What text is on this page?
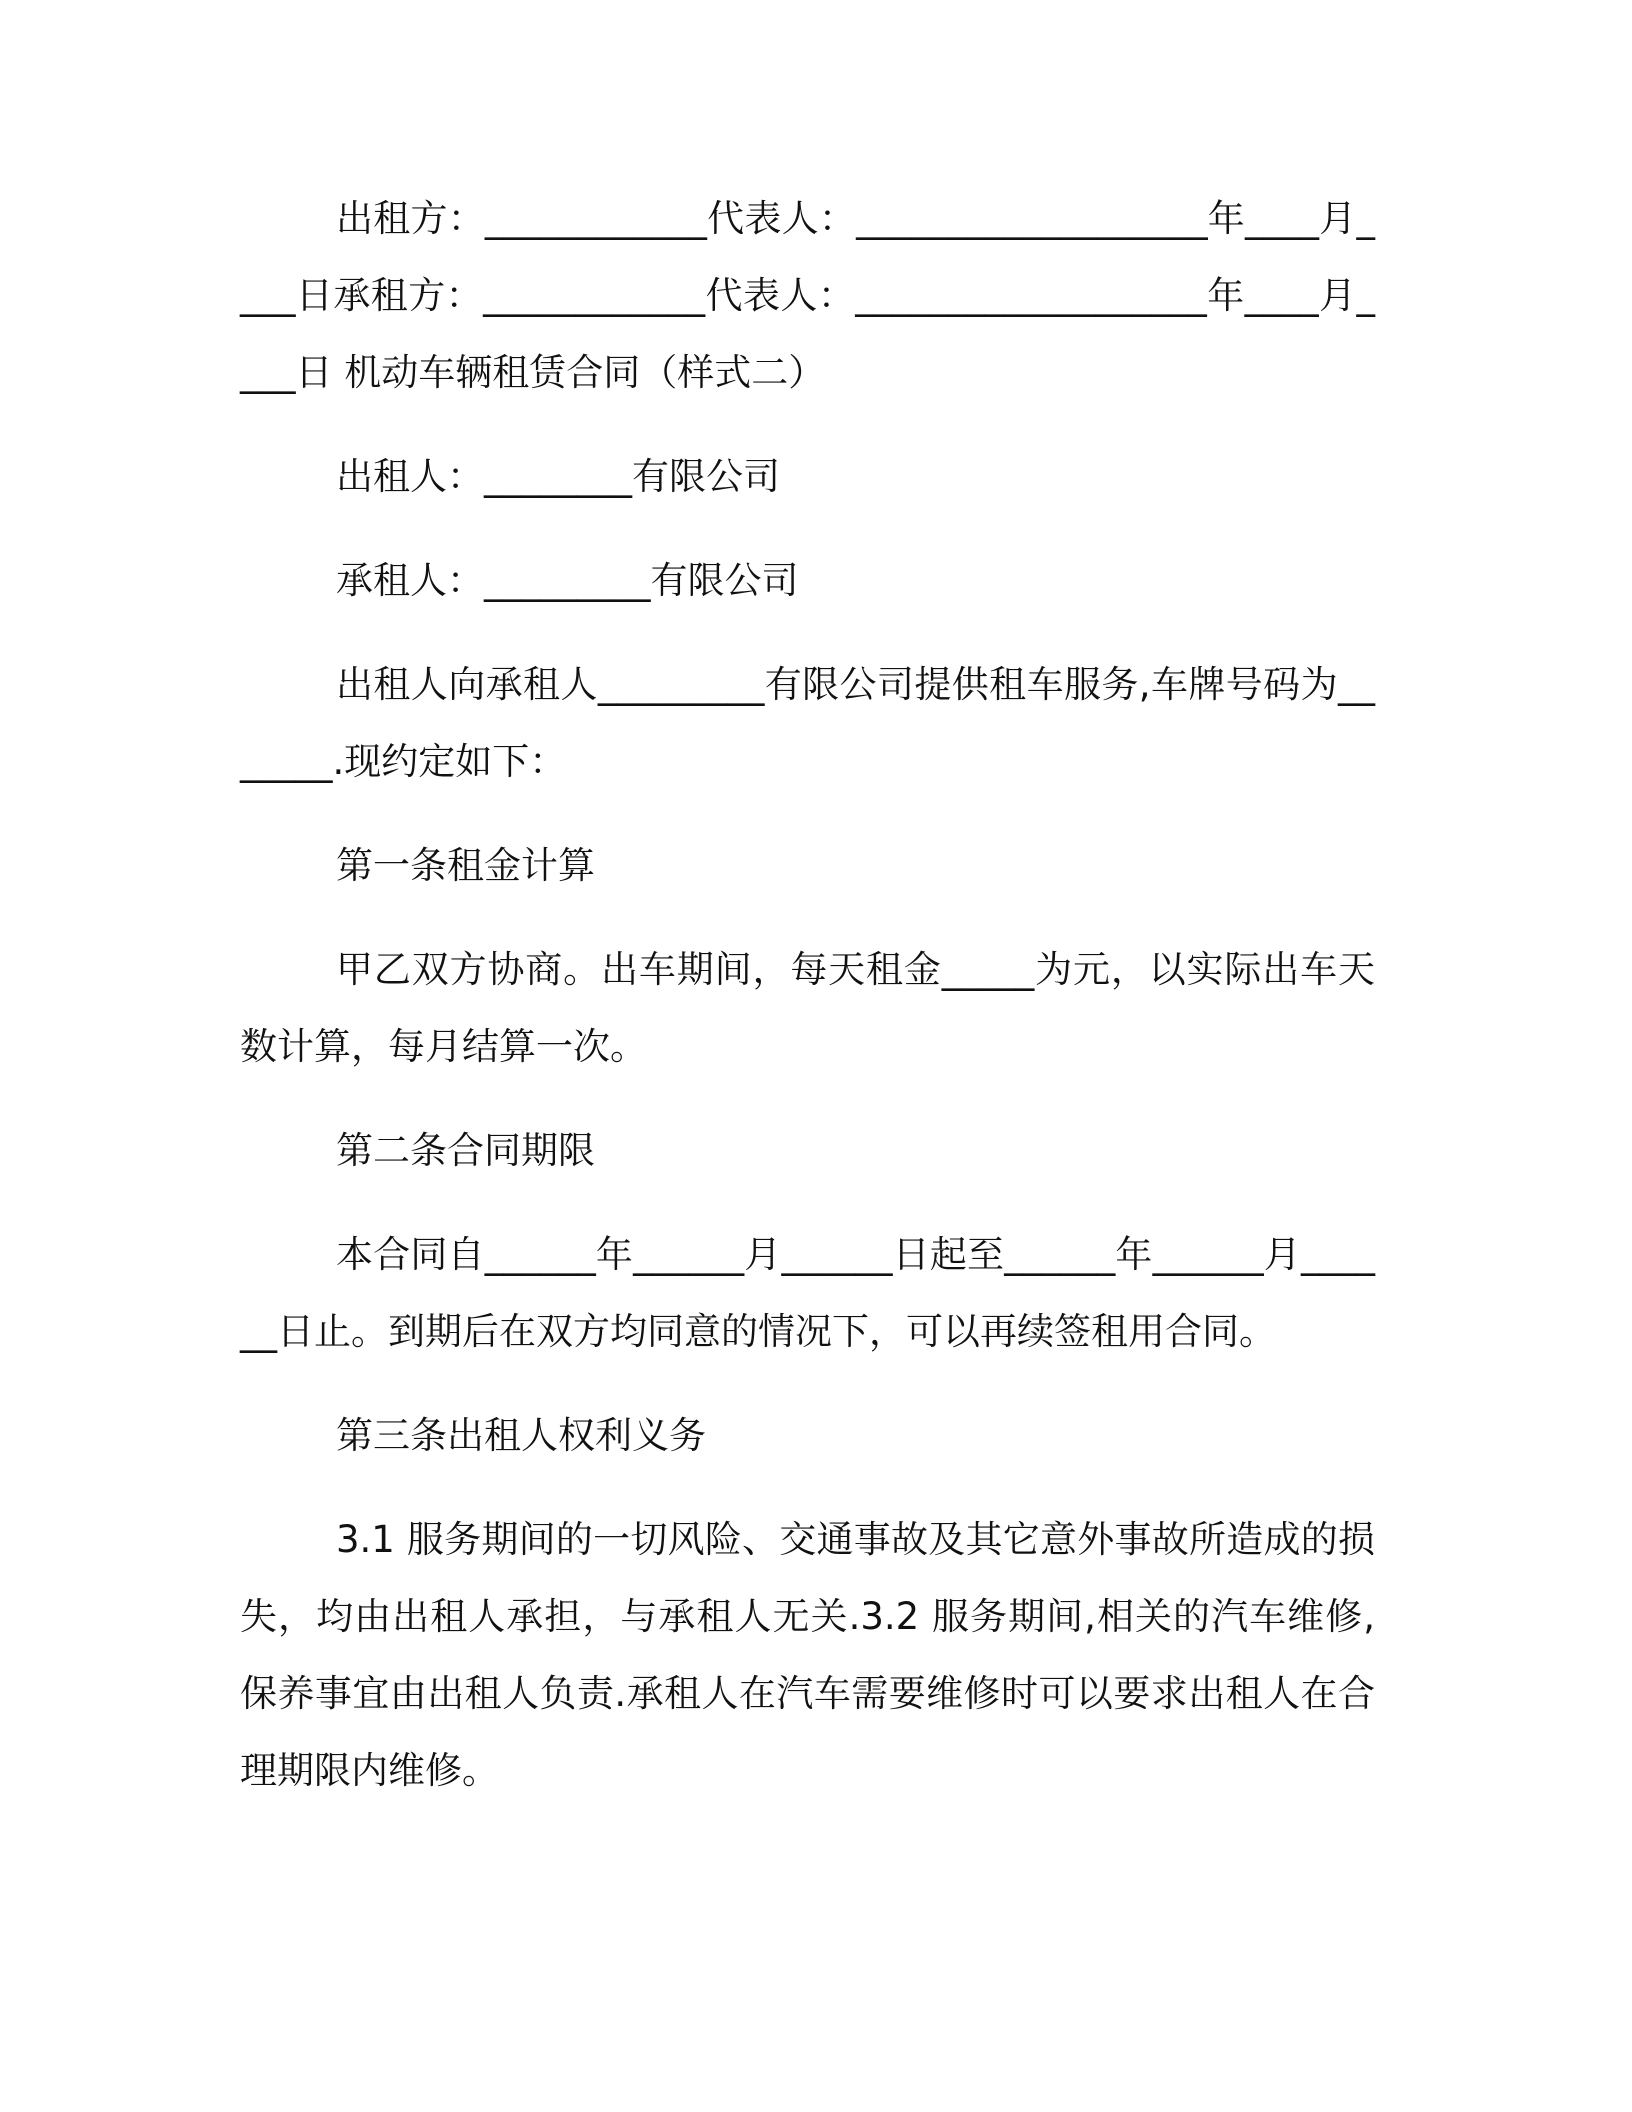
出租方：____________代表人：___________________年____月____日承租方：____________代表人：___________________年____月____日 机动车辆租赁合同（样式二）

出租人：________有限公司

承租人：_________有限公司

出租人向承租人_________有限公司提供租车服务,车牌号码为_______.现约定如下：

第一条租金计算

甲乙双方协商。出车期间，每天租金_____为元，以实际出车天数计算，每月结算一次。

第二条合同期限

本合同自______年______月______日起至______年______月______日止。到期后在双方均同意的情况下，可以再续签租用合同。

第三条出租人权利义务

3.1 服务期间的一切风险、交通事故及其它意外事故所造成的损失，均由出租人承担，与承租人无关.3.2 服务期间,相关的汽车维修,保养事宜由出租人负责.承租人在汽车需要维修时可以要求出租人在合理期限内维修。
